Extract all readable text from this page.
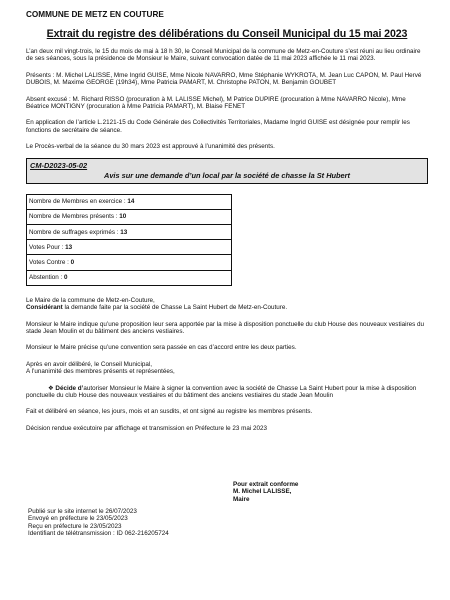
COMMUNE DE METZ EN COUTURE
Extrait du registre des délibérations du Conseil Municipal du 15 mai 2023

L’an deux mil vingt-trois, le 15 du mois de mai à 18 h 30, le Conseil Municipal de la commune de Metz-en-Couture s’est réuni au lieu ordinaire de ses séances, sous la présidence de Monsieur le Maire, suivant convocation datée de 11 mai 2023 affichée le 11 mai 2023.

Présents : M. Michel LALISSE, Mme Ingrid GUISE, Mme Nicole NAVARRO, Mme Stéphanie WYKROTA, M. Jean Luc CAPON, M. Paul Hervé DUBOIS, M. Maxime GEORGE (19h34), Mme Patricia PAMART, M. Christophe PATON, M. Benjamin GOUBET

Absent excusé : M. Richard RISSO (procuration à M. LALISSE Michel), M Patrice DUPIRE (procuration à Mme NAVARRO Nicole), Mme Béatrice MONTIGNY (procuration à Mme Patricia PAMART), M. Blaise FENET

En application de l’article L.2121-15 du Code Générale des Collectivités Territoriales, Madame Ingrid GUISE est désignée pour remplir les fonctions de secrétaire de séance.

Le Procès-verbal de la séance du 30 mars 2023 est approuvé à l’unanimité des présents.

CM-D2023-05-02
Avis sur une demande d’un local par la société de chasse la St Hubert
Nombre de Membres en exercice : 14
Nombre de Membres présents : 10
Nombre de suffrages exprimés : 13
Votes Pour : 13
Votes Contre : 0
Abstention : 0

Le Maire de la commune de Metz-en-Couture,

Considérant la demande faite par la société de Chasse La Saint Hubert de Metz-en-Couture.

Monsieur le Maire indique qu’une proposition leur sera apportée par la mise à disposition ponctuelle du club House des nouveaux vestiaires du stade Jean Moulin et du bâtiment des anciens vestiaires.

Monsieur le Maire précise qu’une convention sera passée en cas d’accord entre les deux parties.

Après en avoir délibéré, le Conseil Municipal,

A l’unanimité des membres présents et représentées,

❖ Décide d’autoriser Monsieur le Maire à signer la convention avec la société de Chasse La Saint Hubert pour la mise à disposition ponctuelle du club House des nouveaux vestiaires et du bâtiment des anciens vestiaires du stade Jean Moulin

Fait et délibéré en séance, les jours, mois et an susdits, et ont signé au registre les membres présents.

Décision rendue exécutoire par affichage et transmission en Préfecture le 23 mai 2023

Pour extrait conforme
M. Michel LALISSE,
Maire
Publié sur le site internet le 26/07/2023
Envoyé en préfecture le 23/05/2023
Reçu en préfecture le 23/05/2023
Identifiant de télétransmission : ID 062-216205724
